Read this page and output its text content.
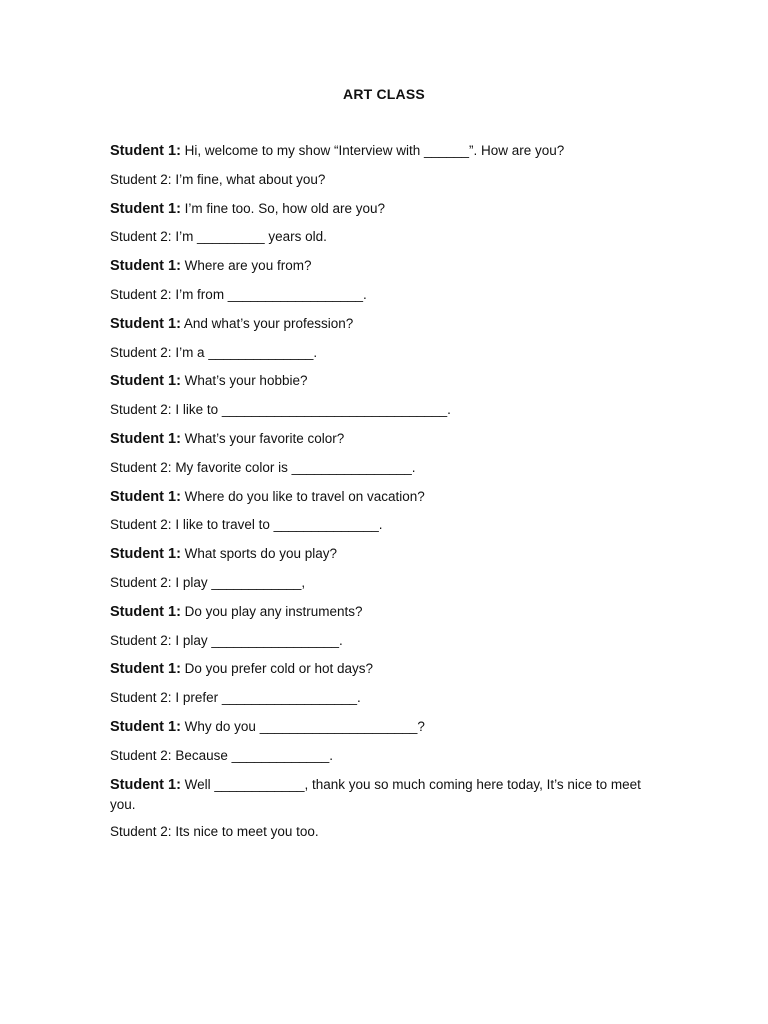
ART CLASS
Student 1: Hi, welcome to my show “Interview with ______”. How are you?
Student 2: I’m fine, what about you?
Student 1: I’m fine too. So, how old are you?
Student 2: I’m _________ years old.
Student 1: Where are you from?
Student 2: I’m from __________________.
Student 1: And what’s your profession?
Student 2: I’m a ______________.
Student 1: What’s your hobbie?
Student 2: I like to ______________________________.
Student 1: What’s your favorite color?
Student 2: My favorite color is ________________.
Student 1: Where do you like to travel on vacation?
Student 2: I like to travel to ______________.
Student 1: What sports do you play?
Student 2: I play ____________,
Student 1: Do you play any instruments?
Student 2: I play _________________.
Student 1: Do you prefer cold or hot days?
Student 2: I prefer __________________.
Student 1: Why do you _____________________?
Student 2: Because _____________.
Student 1: Well ____________, thank you so much coming here today, It’s nice to meet you.
Student 2: Its nice to meet you too.
